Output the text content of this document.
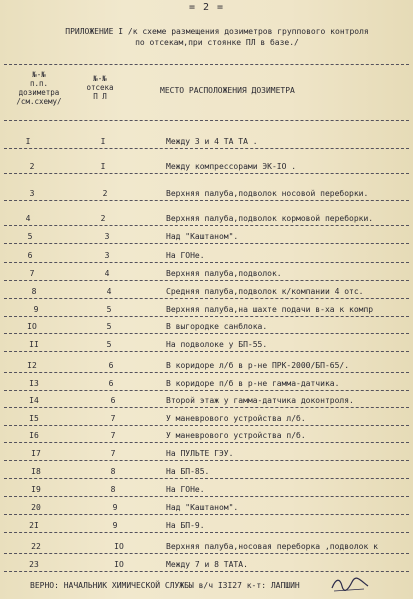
= 2 =
ПРИЛОЖЕНИЕ I /к схеме размещения дозиметров группового контроля
по отсекам,при стоянке ПЛ в базе./
№-№
п.п.
дозиметра
/см.схему/
№-№
отсека
П Л
МЕСТО РАСПОЛОЖЕНИЯ ДОЗИМЕТРА
I	I	Между 3 и 4 ТА ТА .
2	I	Между компрессорами ЭК-IO .
3	2	Верхняя палуба,подволок носовой переборки.
4	2	Верхняя палуба,подволок кормовой переборки.
5	3	Над "Каштаном".
6	3	На ГОНе.
7	4	Верхняя палуба,подволок.
8	4	Средняя палуба,подволок к/компании 4 отс.
9	5	Верхняя палуба,на шахте подачи в-ха к компр
IO	5	В выгородке санблока.
II	5	На подволоке у БП-55.
I2	6	В коридоре л/б в р-не ПРК-2000/БП-65/.
I3	6	В коридоре п/б в р-не гамма-датчика.
I4	6	Второй этаж у гамма-датчика доконтроля.
I5	7	У маневрового устройства л/б.
I6	7	У маневрового устройства п/б.
I7	7	На ПУЛЬТЕ ГЭУ.
I8	8	На БП-85.
I9	8	На ГОНе.
20	9	Над "Каштаном".
2I	9	На БП-9.
22	IO	Верхняя палуба,носовая переборка ,подволок к
23	IO	Между 7 и 8 ТАТА.
ВЕРНО: НАЧАЛЬНИК ХИМИЧЕСКОЙ СЛУЖБЫ в/ч I3I27 к-т: ЛАПШИН
